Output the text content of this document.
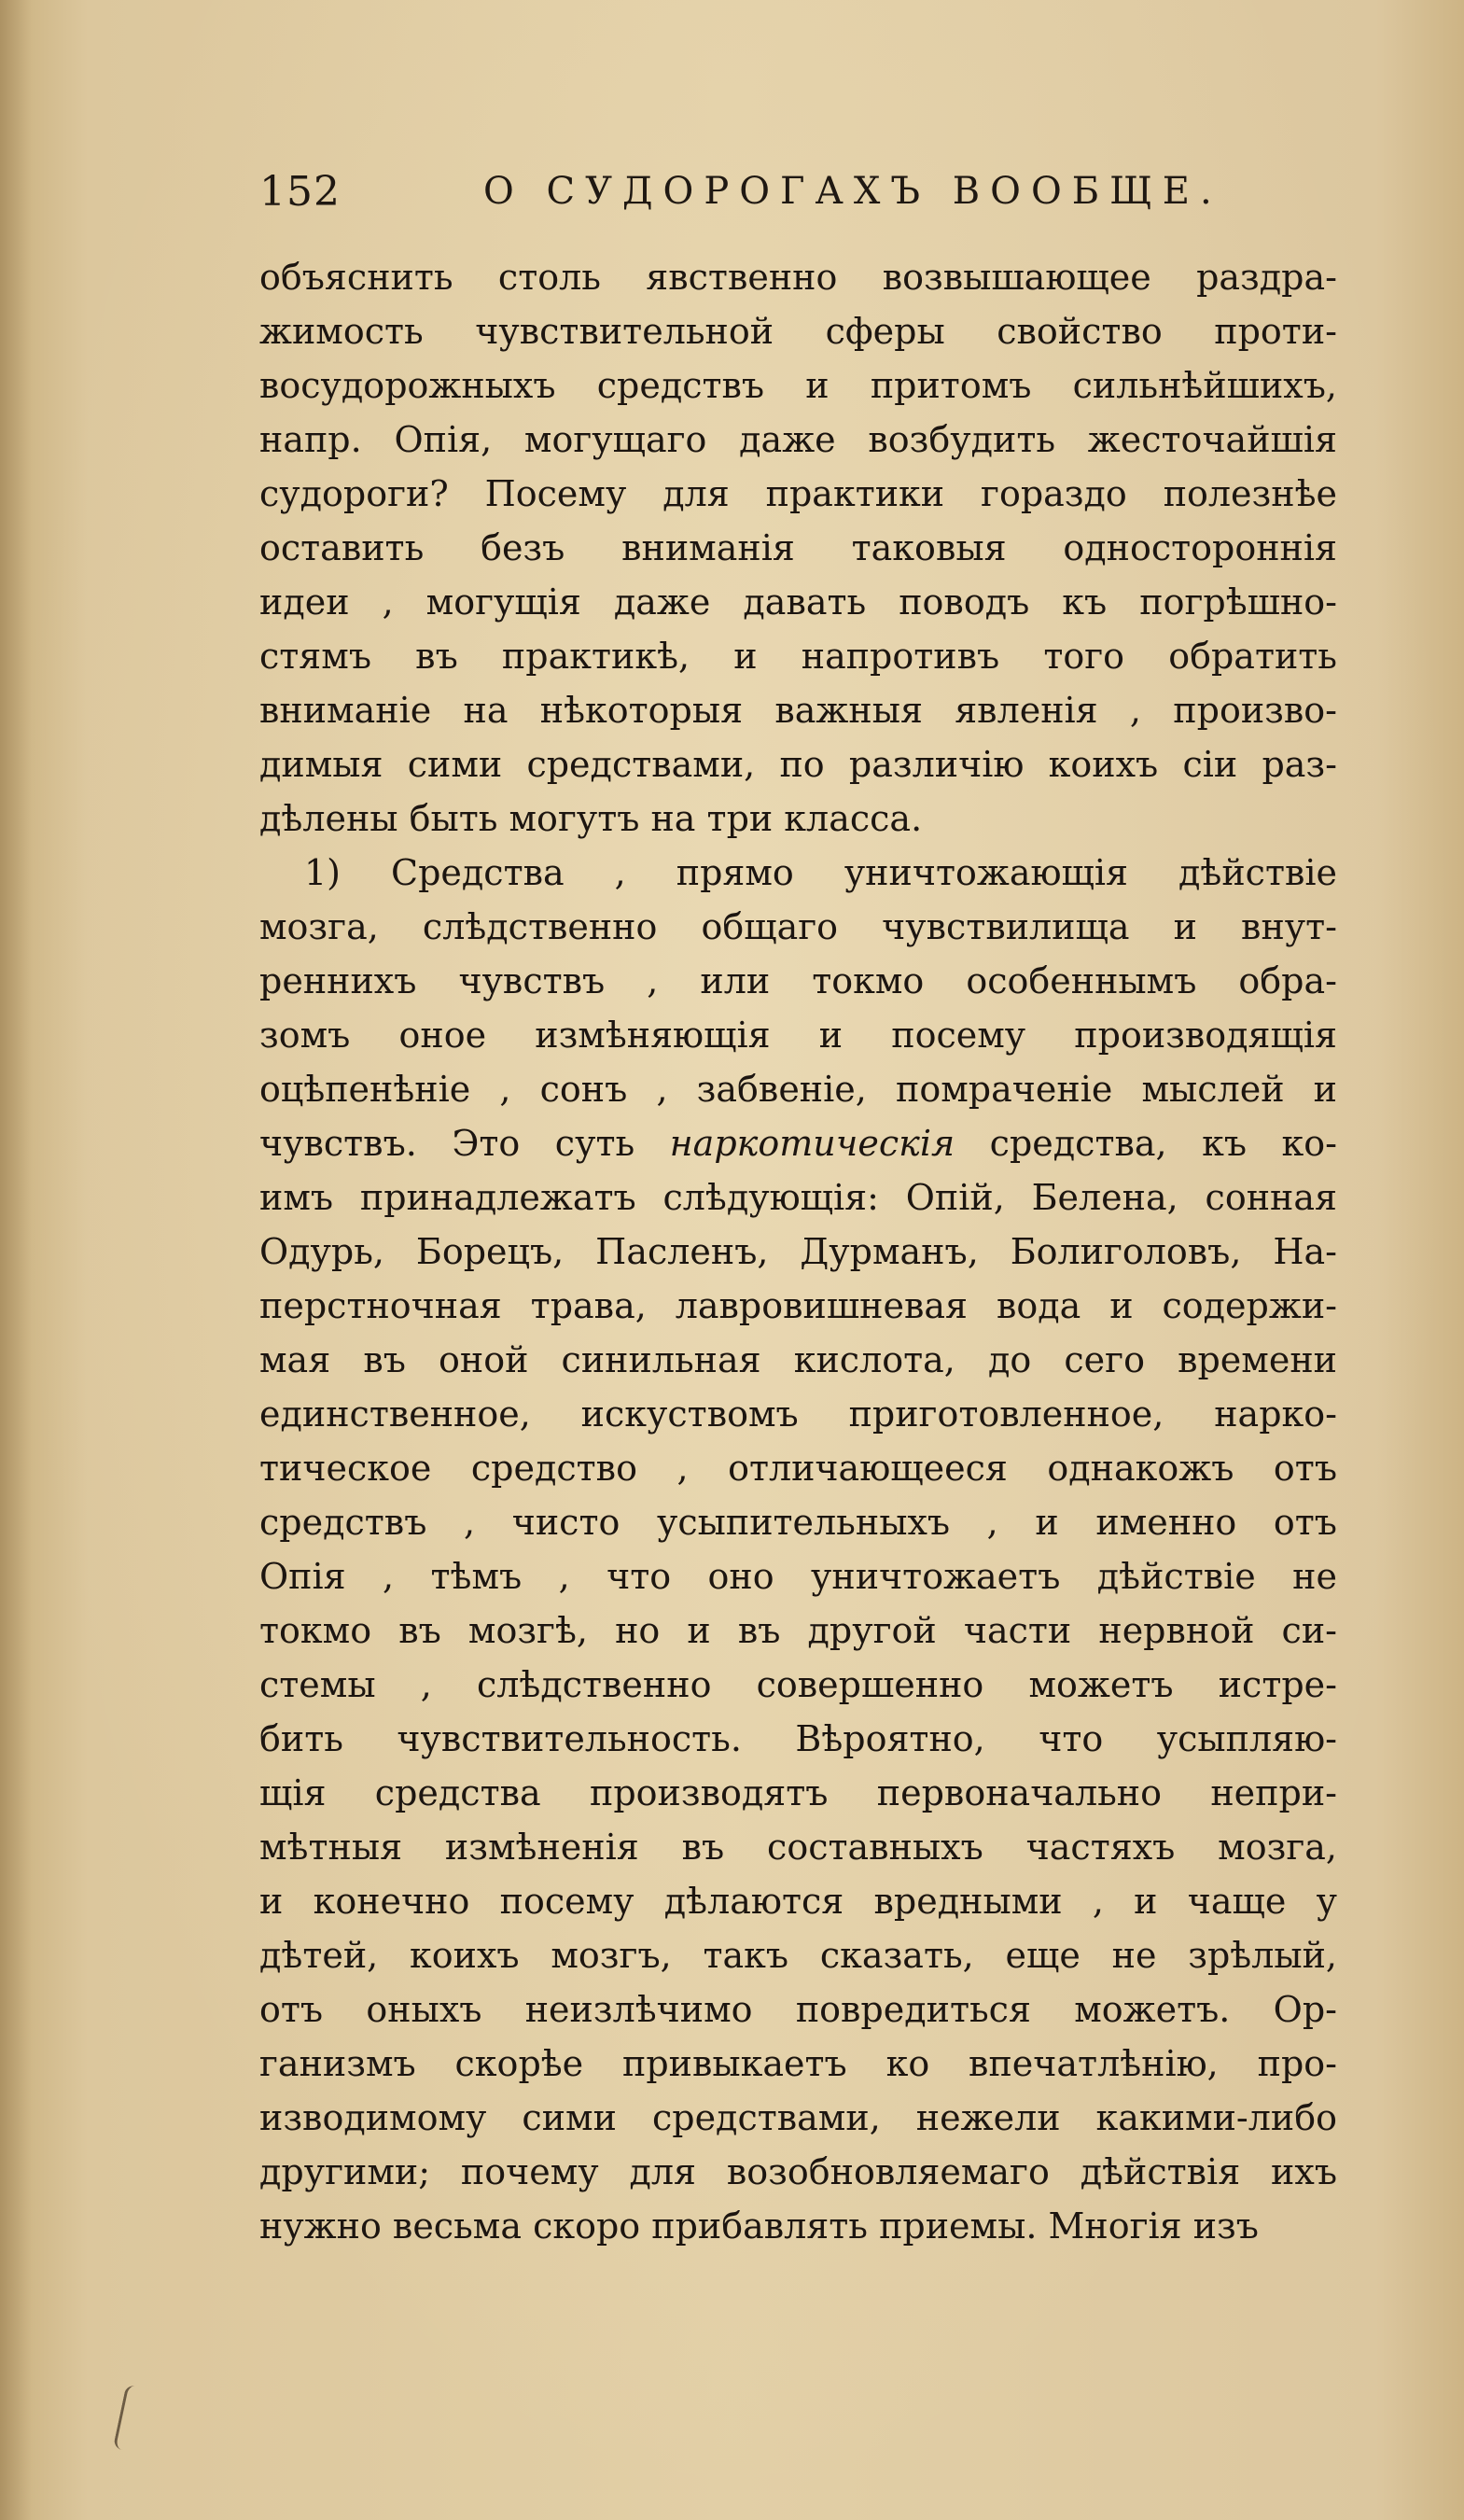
152	О СУДОРОГАХЪ ВООБЩЕ.
объяснить столь явственно возвышающее раздра-
жимость чувствительной сферы свойство проти-
восудорожныхъ средствъ и притомъ сильнѣйшихъ,
напр. Опія, могущаго даже возбудить жесточайшія
судороги? Посему для практики гораздо полезнѣе
оставить безъ вниманія таковыя одностороннія
идеи , могущія даже давать поводъ къ погрѣшно-
стямъ въ практикѣ, и напротивъ того обратить
вниманіе на нѣкоторыя важныя явленія , произво-
димыя сими средствами, по различію коихъ сіи раз-
дѣлены быть могутъ на три класса.
1) Средства , прямо уничтожающія дѣйствіе
мозга, слѣдственно общаго чувствилища и внут-
реннихъ чувствъ , или токмо особеннымъ обра-
зомъ оное измѣняющія и посему производящія
оцѣпенѣніе , сонъ , забвеніе, помраченіе мыслей и
чувствъ. Это суть наркотическія средства, къ ко-
имъ принадлежатъ слѣдующія: Опій, Белена, сонная
Одурь, Борецъ, Пасленъ, Дурманъ, Болиголовъ, На-
перстночная трава, лавровишневая вода и содержи-
мая въ оной синильная кислота, до сего времени
единственное, искуствомъ приготовленное, нарко-
тическое средство , отличающееся однакожъ отъ
средствъ , чисто усыпительныхъ , и именно отъ
Опія , тѣмъ , что оно уничтожаетъ дѣйствіе не
токмо въ мозгѣ, но и въ другой части нервной си-
стемы , слѣдственно совершенно можетъ истре-
бить чувствительность. Вѣроятно, что усыпляю-
щія средства производятъ первоначально непри-
мѣтныя измѣненія въ составныхъ частяхъ мозга,
и конечно посему дѣлаются вредными , и чаще у
дѣтей, коихъ мозгъ, такъ сказать, еще не зрѣлый,
отъ оныхъ неизлѣчимо повредиться можетъ. Ор-
ганизмъ скорѣе привыкаетъ ко впечатлѣнію, про-
изводимому сими средствами, нежели какими-либо
другими; почему для возобновляемаго дѣйствія ихъ
нужно весьма скоро прибавлять приемы. Многія изъ
